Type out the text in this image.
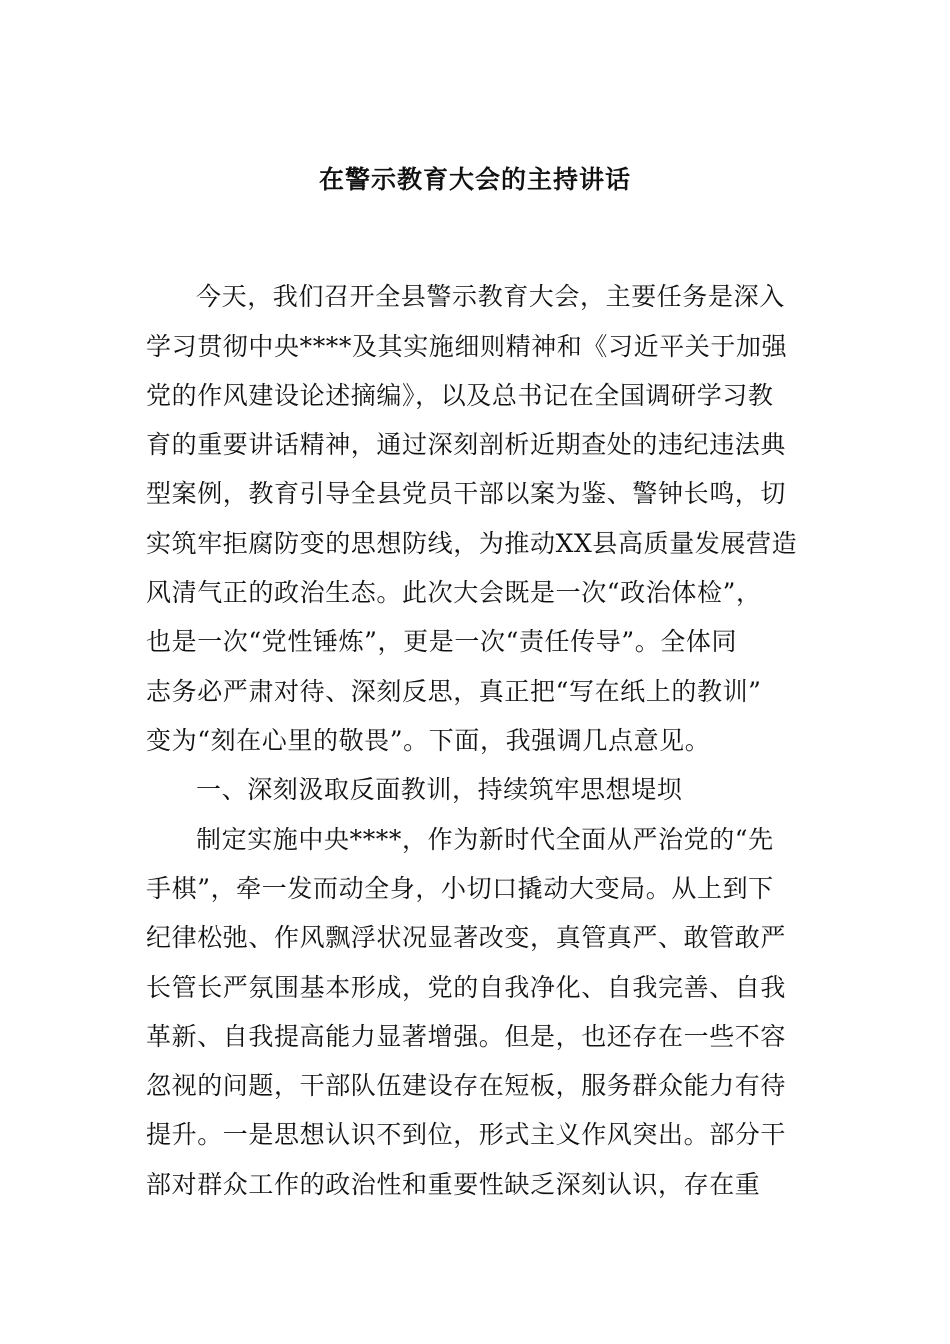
在警示教育大会的主持讲话
今天，我们召开全县警示教育大会，主要任务是深入
学习贯彻中央****及其实施细则精神和《习近平关于加强
党的作风建设论述摘编》，以及总书记在全国调研学习教
育的重要讲话精神，通过深刻剖析近期查处的违纪违法典
型案例，教育引导全县党员干部以案为鉴、警钟长鸣，切
实筑牢拒腐防变的思想防线，为推动XX县高质量发展营造
风清气正的政治生态。此次大会既是一次“政治体检”，
也是一次“党性锤炼”，更是一次“责任传导”。全体同
志务必严肃对待、深刻反思，真正把“写在纸上的教训”
变为“刻在心里的敬畏”。下面，我强调几点意见。
一、深刻汲取反面教训，持续筑牢思想堤坝
制定实施中央****，作为新时代全面从严治党的“先
手棋”，牵一发而动全身，小切口撬动大变局。从上到下
纪律松弛、作风飘浮状况显著改变，真管真严、敢管敢严
长管长严氛围基本形成，党的自我净化、自我完善、自我
革新、自我提高能力显著增强。但是，也还存在一些不容
忽视的问题，干部队伍建设存在短板，服务群众能力有待
提升。一是思想认识不到位，形式主义作风突出。部分干
部对群众工作的政治性和重要性缺乏深刻认识，存在重
